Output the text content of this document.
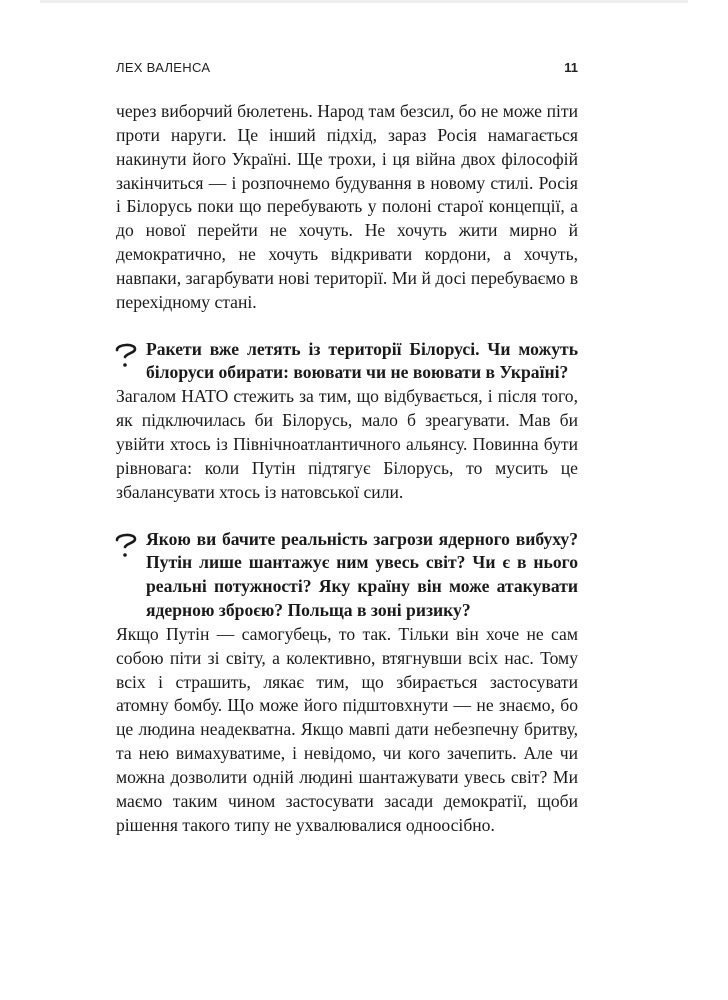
ЛЕХ ВАЛЕНСА	11

через виборчий бюлетень. Народ там безсил, бо не може піти проти наруги. Це інший підхід, зараз Росія намагається накинути його Україні. Ще трохи, і ця війна двох філософій закінчиться — і розпочнемо будування в новому стилі. Росія і Білорусь поки що перебувають у полоні старої концепції, а до нової перейти не хочуть. Не хочуть жити мирно й демократично, не хочуть відкривати кордони, а хочуть, навпаки, загарбувати нові території. Ми й досі перебуваємо в перехідному стані.

Ракети вже летять із території Білорусі. Чи можуть білоруси обирати: воювати чи не воювати в Україні?

Загалом НАТО стежить за тим, що відбувається, і після того, як підключилась би Білорусь, мало б зреагувати. Мав би увійти хтось із Північноатлантичного альянсу. Повинна бути рівновага: коли Путін підтягує Білорусь, то мусить це збалансувати хтось із натовської сили.

Якою ви бачите реальність загрози ядерного вибуху? Путін лише шантажує ним увесь світ? Чи є в нього реальні потужності? Яку країну він може атакувати ядерною зброєю? Польща в зоні ризику?

Якщо Путін — самогубець, то так. Тільки він хоче не сам собою піти зі світу, а колективно, втягнувши всіх нас. Тому всіх і страшить, лякає тим, що збирається застосувати атомну бомбу. Що може його підштовхнути — не знаємо, бо це людина неадекватна. Якщо мавпі дати небезпечну бритву, та нею вимахуватиме, і невідомо, чи кого зачепить. Але чи можна дозволити одній людині шантажувати увесь світ? Ми маємо таким чином застосувати засади демократії, щоби рішення такого типу не ухвалювалися одноосібно.
